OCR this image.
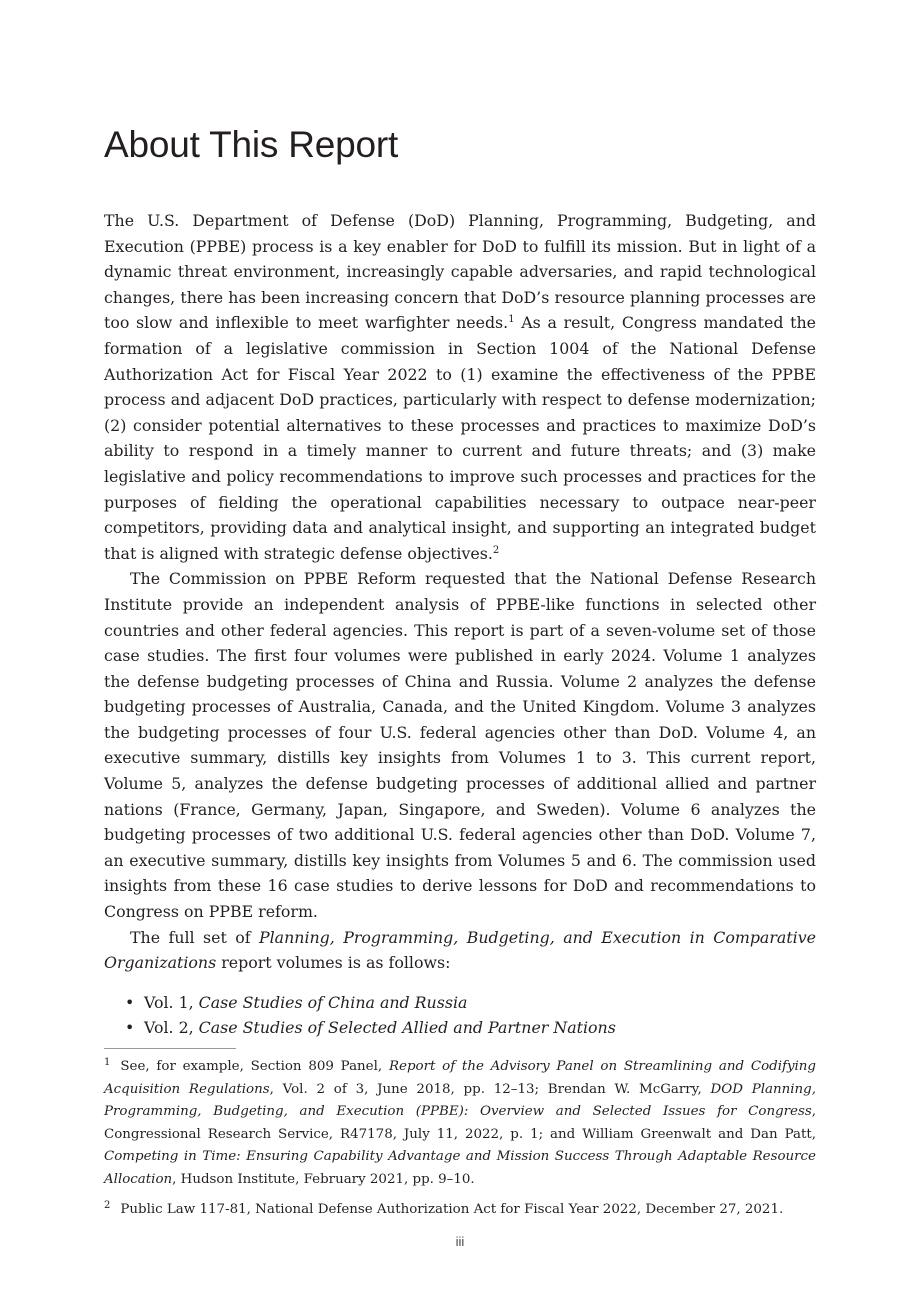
About This Report

The U.S. Department of Defense (DoD) Planning, Programming, Budgeting, and Execution (PPBE) process is a key enabler for DoD to fulfill its mission. But in light of a dynamic threat environment, increasingly capable adversaries, and rapid technological changes, there has been increasing concern that DoD’s resource planning processes are too slow and inflexible to meet warfighter needs.$^1$ As a result, Congress mandated the formation of a legislative commission in Section 1004 of the National Defense Authorization Act for Fiscal Year 2022 to (1) examine the effectiveness of the PPBE process and adjacent DoD practices, particularly with respect to defense modernization; (2) consider potential alternatives to these processes and practices to maximize DoD’s ability to respond in a timely manner to current and future threats; and (3) make legislative and policy recommendations to improve such processes and practices for the purposes of fielding the operational capabilities necessary to outpace near-peer competitors, providing data and analytical insight, and supporting an integrated budget that is aligned with strategic defense objectives.$^2$

The Commission on PPBE Reform requested that the National Defense Research Institute provide an independent analysis of PPBE-like functions in selected other countries and other federal agencies. This report is part of a seven-volume set of those case studies. The first four volumes were published in early 2024. Volume 1 analyzes the defense budgeting processes of China and Russia. Volume 2 analyzes the defense budgeting processes of Australia, Canada, and the United Kingdom. Volume 3 analyzes the budgeting processes of four U.S. federal agencies other than DoD. Volume 4, an executive summary, distills key insights from Volumes 1 to 3. This current report, Volume 5, analyzes the defense budgeting processes of additional allied and partner nations (France, Germany, Japan, Singapore, and Sweden). Volume 6 analyzes the budgeting processes of two additional U.S. federal agencies other than DoD. Volume 7, an executive summary, distills key insights from Volumes 5 and 6. The commission used insights from these 16 case studies to derive lessons for DoD and recommendations to Congress on PPBE reform.

The full set of Planning, Programming, Budgeting, and Execution in Comparative Organizations report volumes is as follows:

• Vol. 1, Case Studies of China and Russia
• Vol. 2, Case Studies of Selected Allied and Partner Nations

$^1$ See, for example, Section 809 Panel, Report of the Advisory Panel on Streamlining and Codifying Acquisition Regulations, Vol. 2 of 3, June 2018, pp. 12–13; Brendan W. McGarry, DOD Planning, Programming, Budgeting, and Execution (PPBE): Overview and Selected Issues for Congress, Congressional Research Service, R47178, July 11, 2022, p. 1; and William Greenwalt and Dan Patt, Competing in Time: Ensuring Capability Advantage and Mission Success Through Adaptable Resource Allocation, Hudson Institute, February 2021, pp. 9–10.

$^2$ Public Law 117-81, National Defense Authorization Act for Fiscal Year 2022, December 27, 2021.

iii
